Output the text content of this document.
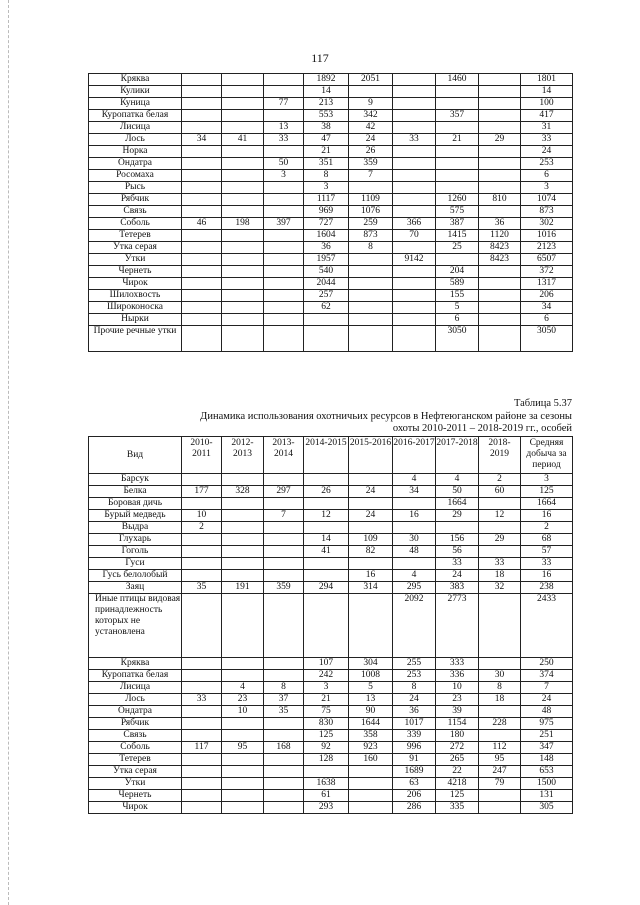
117
Кряква				1892	2051		1460		1801
Кулики				14					14
Куница			77	213	9				100
Куропатка белая				553	342		357		417
Лисица			13	38	42				31
Лось	34	41	33	47	24	33	21	29	33
Норка				21	26				24
Ондатра			50	351	359				253
Росомаха			3	8	7				6
Рысь				3					3
Рябчик				1117	1109		1260	810	1074
Связь				969	1076		575		873
Соболь	46	198	397	727	259	366	387	36	302
Тетерев				1604	873	70	1415	1120	1016
Утка серая				36	8		25	8423	2123
Утки				1957		9142		8423	6507
Чернеть				540			204		372
Чирок				2044			589		1317
Шилохвость				257			155		206
Широконоска				62			5		34
Нырки							6		6
Прочие речные утки							3050		3050
Таблица 5.37
Динамика использования охотничьих ресурсов в Нефтеюганском районе за сезоны
охоты 2010-2011 – 2018-2019 гг., особей
Вид	2010-2011	2012-2013	2013-2014	2014-2015	2015-2016	2016-2017	2017-2018	2018-2019	Средняя добыча за период
Барсук						4	4	2	3
Белка	177	328	297	26	24	34	50	60	125
Боровая дичь							1664		1664
Бурый медведь	10		7	12	24	16	29	12	16
Выдра	2								2
Глухарь				14	109	30	156	29	68
Гоголь				41	82	48	56		57
Гуси							33	33	33
Гусь белолобый					16	4	24	18	16
Заяц	35	191	359	294	314	295	383	32	238
Иные птицы видовая принадлежность которых не установлена						2092	2773		2433
Кряква				107	304	255	333		250
Куропатка белая				242	1008	253	336	30	374
Лисица		4	8	3	5	8	10	8	7
Лось	33	23	37	21	13	24	23	18	24
Ондатра		10	35	75	90	36	39		48
Рябчик				830	1644	1017	1154	228	975
Связь				125	358	339	180		251
Соболь	117	95	168	92	923	996	272	112	347
Тетерев				128	160	91	265	95	148
Утка серая						1689	22	247	653
Утки				1638		63	4218	79	1500
Чернеть				61		206	125		131
Чирок				293		286	335		305
